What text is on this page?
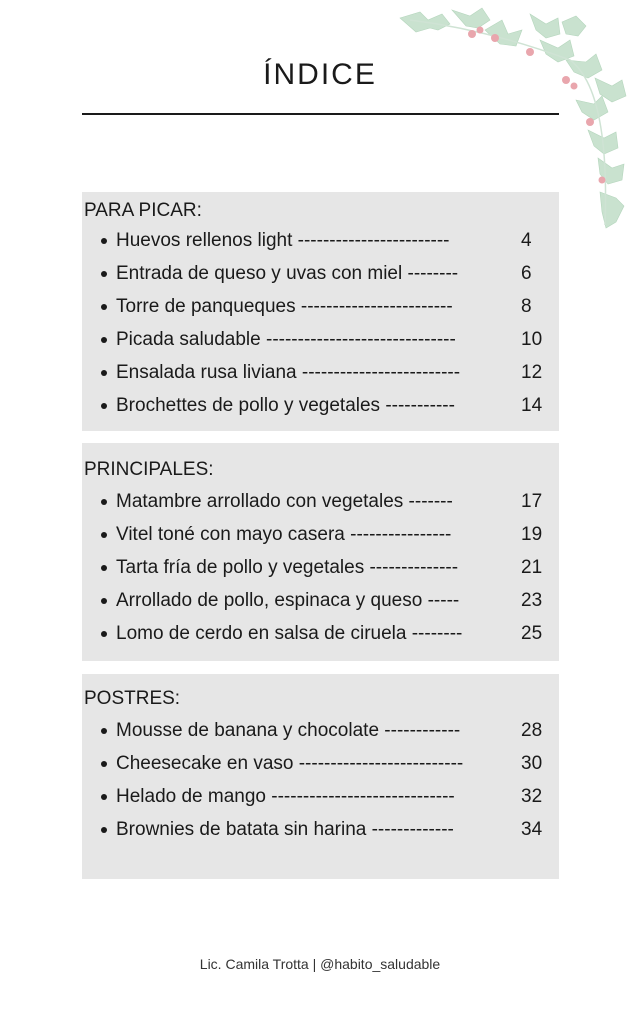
ÍNDICE
PARA PICAR:
Huevos rellenos light ------------------------	4
Entrada de queso y uvas con miel --------	6
Torre de panqueques ------------------------	8
Picada saludable ------------------------------	10
Ensalada rusa liviana -------------------------	12
Brochettes de pollo y vegetales -----------	14
PRINCIPALES:
Matambre arrollado con vegetales -------	17
Vitel toné con mayo casera ----------------	19
Tarta fría de pollo y vegetales --------------	21
Arrollado de pollo, espinaca y queso -----	23
Lomo de cerdo en salsa de ciruela --------	25
POSTRES:
Mousse de banana y chocolate ------------	28
Cheesecake en vaso --------------------------	30
Helado de mango -----------------------------	32
Brownies de batata sin harina -------------	34
Lic. Camila Trotta | @habito_saludable
